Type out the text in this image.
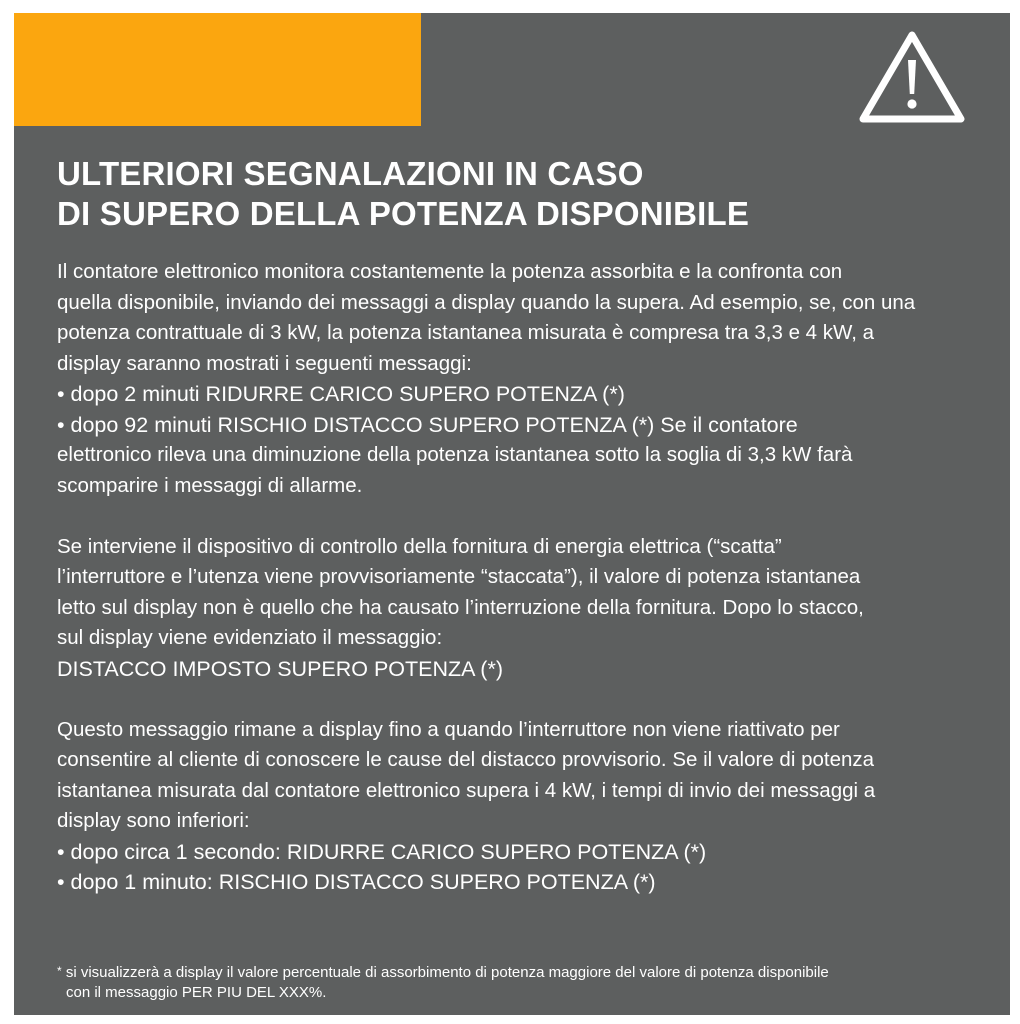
ULTERIORI SEGNALAZIONI IN CASO
DI SUPERO DELLA POTENZA DISPONIBILE

Il contatore elettronico monitora costantemente la potenza assorbita e la confronta con

quella disponibile, inviando dei messaggi a display quando la supera. Ad esempio, se, con una

potenza contrattuale di 3 kW, la potenza istantanea misurata è compresa tra 3,3 e 4 kW, a

display saranno mostrati i seguenti messaggi:

• dopo 2 minuti RIDURRE CARICO SUPERO POTENZA (*)

• dopo 92 minuti RISCHIO DISTACCO SUPERO POTENZA (*) Se il contatore

elettronico rileva una diminuzione della potenza istantanea sotto la soglia di 3,3 kW farà

scomparire i messaggi di allarme.

Se interviene il dispositivo di controllo della fornitura di energia elettrica (“scatta”

l’interruttore e l’utenza viene provvisoriamente “staccata”), il valore di potenza istantanea

letto sul display non è quello che ha causato l’interruzione della fornitura. Dopo lo stacco,

sul display viene evidenziato il messaggio:

DISTACCO IMPOSTO SUPERO POTENZA (*)

Questo messaggio rimane a display fino a quando l’interruttore non viene riattivato per

consentire al cliente di conoscere le cause del distacco provvisorio. Se il valore di potenza

istantanea misurata dal contatore elettronico supera i 4 kW, i tempi di invio dei messaggi a

display sono inferiori:

• dopo circa 1 secondo: RIDURRE CARICO SUPERO POTENZA (*)

• dopo 1 minuto: RISCHIO DISTACCO SUPERO POTENZA (*)

* si visualizzerà a display il valore percentuale di assorbimento di potenza maggiore del valore di potenza disponibile

con il messaggio PER PIU DEL XXX%.
